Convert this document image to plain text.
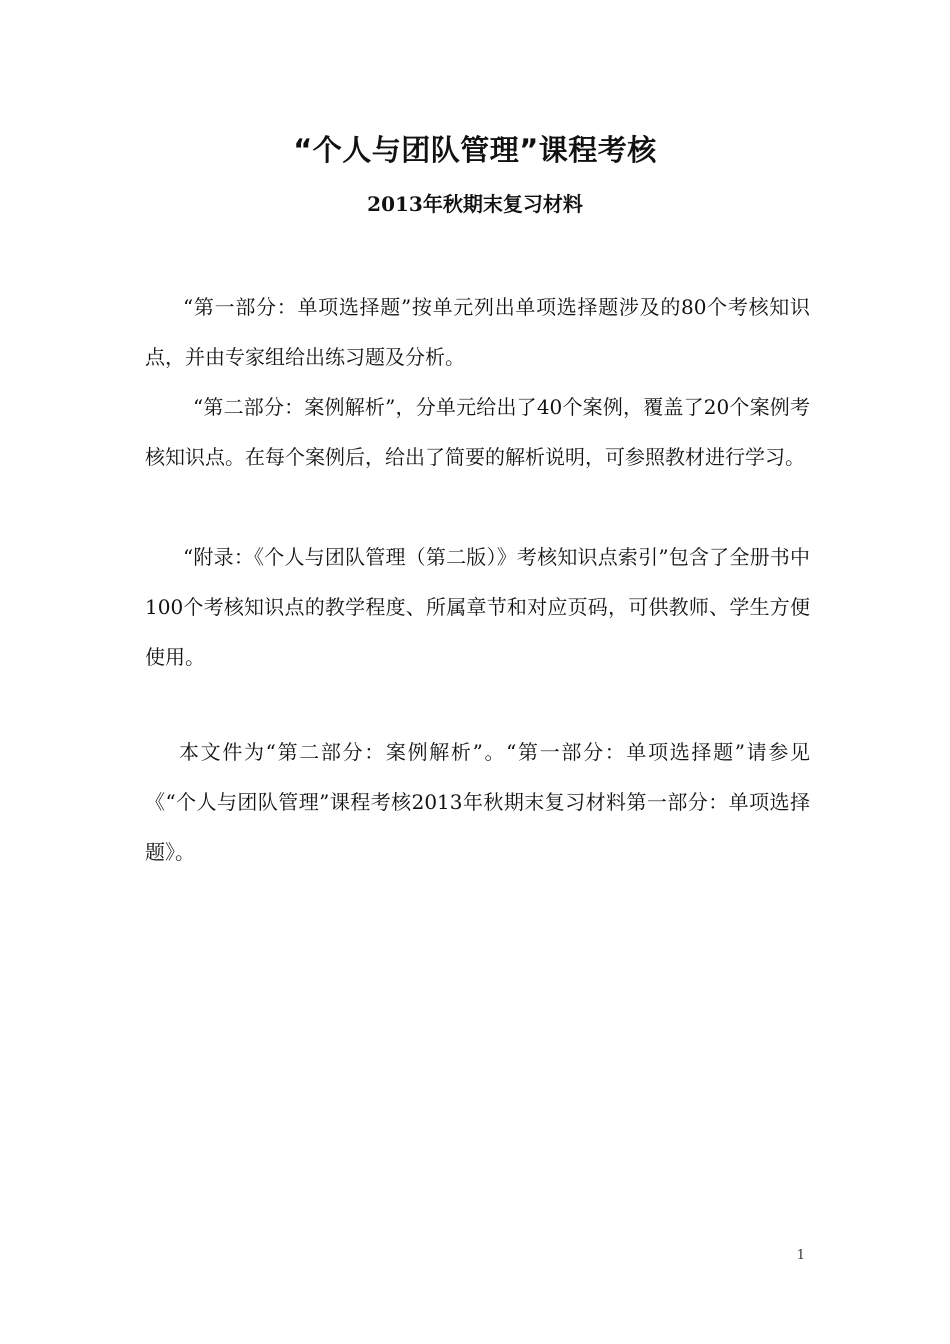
“个人与团队管理”课程考核
2013年秋期末复习材料

“第一部分：单项选择题”按单元列出单项选择题涉及的80个考核知识点，并由专家组给出练习题及分析。

“第二部分：案例解析”，分单元给出了40个案例，覆盖了20个案例考核知识点。在每个案例后，给出了简要的解析说明，可参照教材进行学习。

“附录：《个人与团队管理（第二版）》考核知识点索引”包含了全册书中100个考核知识点的教学程度、所属章节和对应页码，可供教师、学生方便使用。

本文件为“第二部分：案例解析”。“第一部分：单项选择题”请参见《“个人与团队管理”课程考核2013年秋期末复习材料第一部分：单项选择题》。

1
